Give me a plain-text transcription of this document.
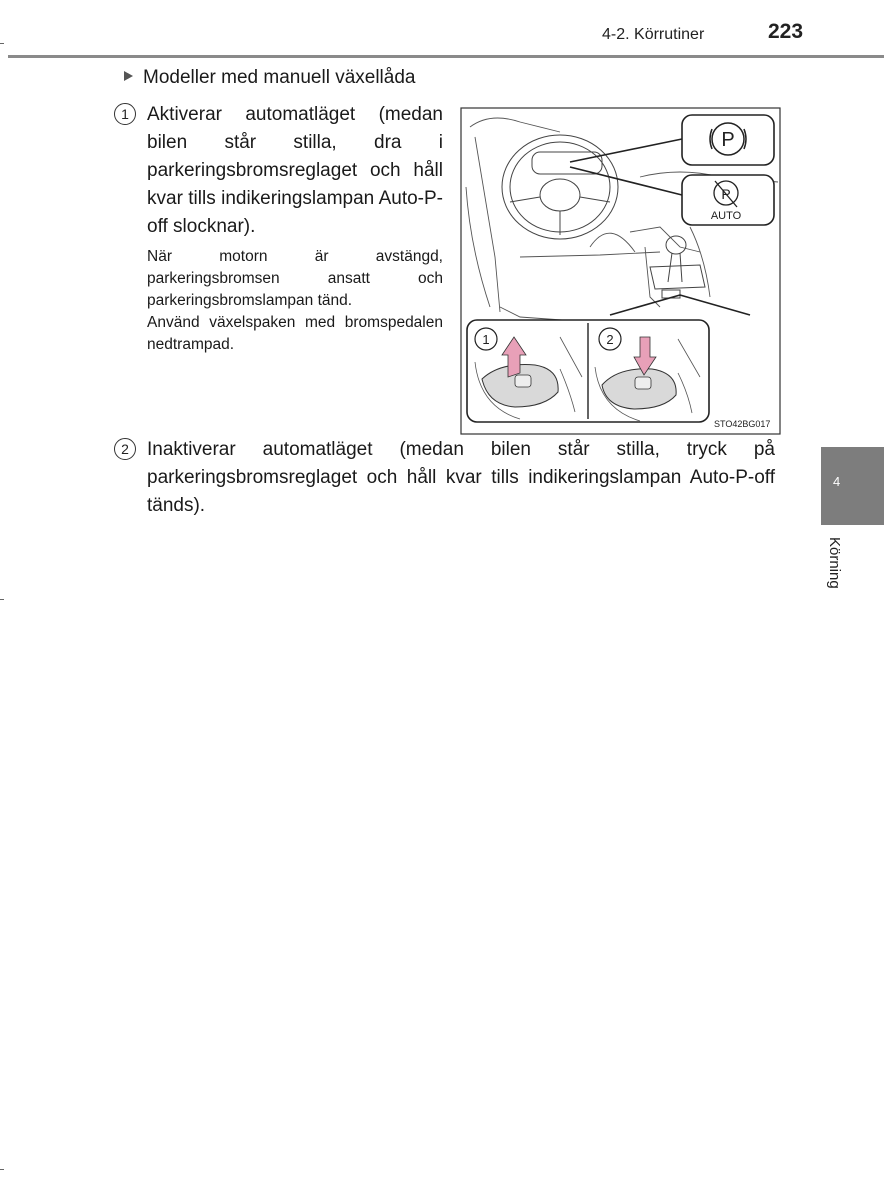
4-2. Körrutiner	223
Modeller med manuell växellåda
1 Aktiverar automatläget (medan bilen står stilla, dra i parkeringsbromsreglaget och håll kvar tills indikeringslampan Auto-P-off slocknar).

När motorn är avstängd, parkeringsbromsen ansatt och parkeringsbromslampan tänd.

Använd växelspaken med bromspedalen nedtrampad.

P
P
AUTO
1	2
STO42BG017
2 Inaktiverar automatläget (medan bilen står stilla, tryck på parkeringsbromsreglaget och håll kvar tills indikeringslampan Auto-P-off tänds).
4
Körning
